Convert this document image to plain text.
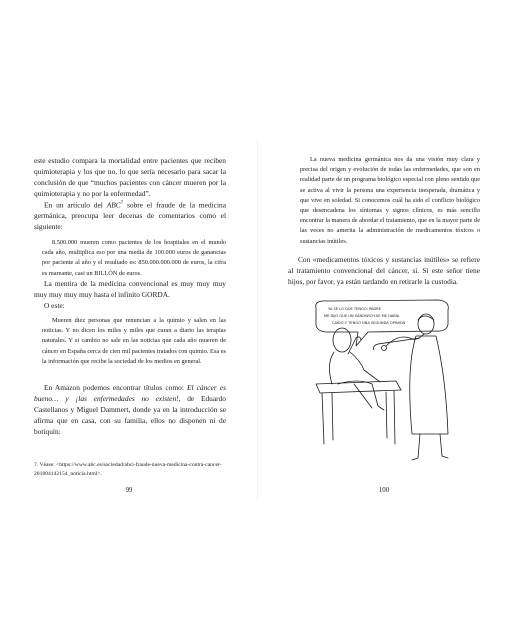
este estudio compara la mortalidad entre pacientes que reciben quimioterapia y los que no, lo que sería necesario para sacar la conclusión de que “muchos pacientes con cáncer mueren por la quimioterapia y no por la enfermedad”.

En un artículo del ABC$^7$ sobre el fraude de la medicina germánica, preocupa leer decenas de comentarios como el siguiente:

8.500.000 mueren como pacientes de los hospitales en el mundo cada año, multiplica eso por una media de 100.000 euros de ganancias por paciente al año y el resultado es: 850.000.000.000 de euros, la cifra es mareante, casi un BILLÓN de euros.

La mentira de la medicina convencional es muy muy muy muy muy muy muy hasta el infinito GORDA.

O este:

Mueren diez personas que renuncian a la quimio y salen en las noticias. Y no dicen los miles y miles que curan a diario las terapias naturales. Y si cambio no sale en las noticias que cada año mueren de cáncer en España cerca de cien mil pacientes tratados con quimio. Esa es la información que recibe la sociedad de los medios en general.

En Amazon podemos encontrar títulos como: El cáncer es bueno… y ¡las enfermedades no existen!, de Eduardo Castellanos y Miguel Dammert, donde ya en la introducción se afirma que en casa, con su familia, ellos no disponen ni de botiquín:

7. Véase: <https://www.abc.es/sociedad/abci-fraude-nueva-medicina-contra-cancer-201804142154_noticia.html>.

99

La nueva medicina germánica nos da una visión muy clara y precisa del origen y evolución de todas las enfermedades, que son en realidad parte de un programa biológico especial con pleno sentido que se activa al vivir la persona una experiencia inesperada, dramática y que vive en soledad. Si conocemos cuál ha sido el conflicto biológico que desencadena los síntomas y signos clínicos, es más sencillo encontrar la manera de abordar el tratamiento, que en la mayor parte de las veces no amerita la administración de medicamentos tóxicos o sustancias inútiles.

Con «medicamentos tóxicos y sustancias inútiles» se refiere al tratamiento convencional del cáncer, sí. Si este señor tiene hijos, por favor, ya están tardando en retirarle la custodia.

YA SÉ LO QUE TENGO: PADRE
ME DIJO QUE UN SÁNDWICH SE ME HABÍA
CAÍDO Y TENGO UNA SEGUNDA OPINIÓN
100
